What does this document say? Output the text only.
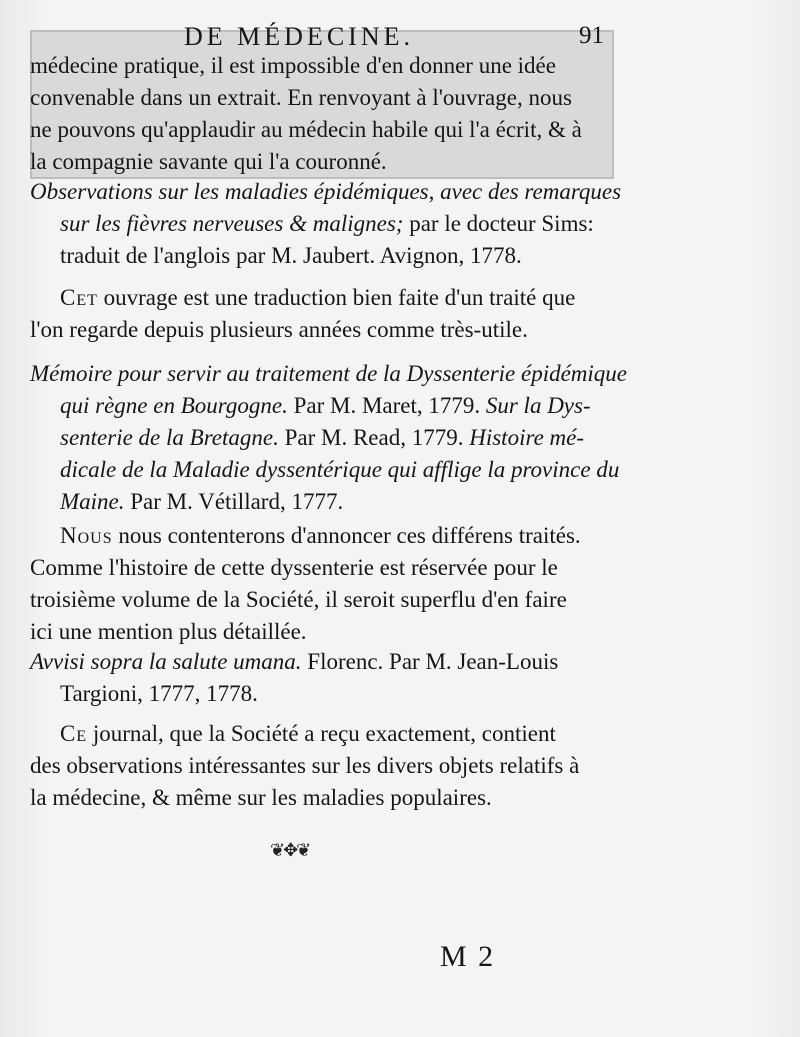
DE MÉDECINE.	91
médecine pratique, il est impossible d'en donner une idée
convenable dans un extrait. En renvoyant à l'ouvrage, nous
ne pouvons qu'applaudir au médecin habile qui l'a écrit, & à
la compagnie savante qui l'a couronné.
Observations sur les maladies épidémiques, avec des remarques
sur les fièvres nerveuses & malignes; par le docteur Sims:
traduit de l'anglois par M. Jaubert. Avignon, 1778.
Cet ouvrage est une traduction bien faite d'un traité que
l'on regarde depuis plusieurs années comme très-utile.
Mémoire pour servir au traitement de la Dyssenterie épidémique
qui règne en Bourgogne. Par M. Maret, 1779. Sur la Dys-
senterie de la Bretagne. Par M. Read, 1779. Histoire mé-
dicale de la Maladie dyssentérique qui afflige la province du
Maine. Par M. Vétillard, 1777.
Nous nous contenterons d'annoncer ces différens traités.
Comme l'histoire de cette dyssenterie est réservée pour le
troisième volume de la Société, il seroit superflu d'en faire
ici une mention plus détaillée.
Avvisi sopra la salute umana. Florenc. Par M. Jean-Louis
Targioni, 1777, 1778.
Ce journal, que la Société a reçu exactement, contient
des observations intéressantes sur les divers objets relatifs à
la médecine, & même sur les maladies populaires.
❦✥❦
M 2
